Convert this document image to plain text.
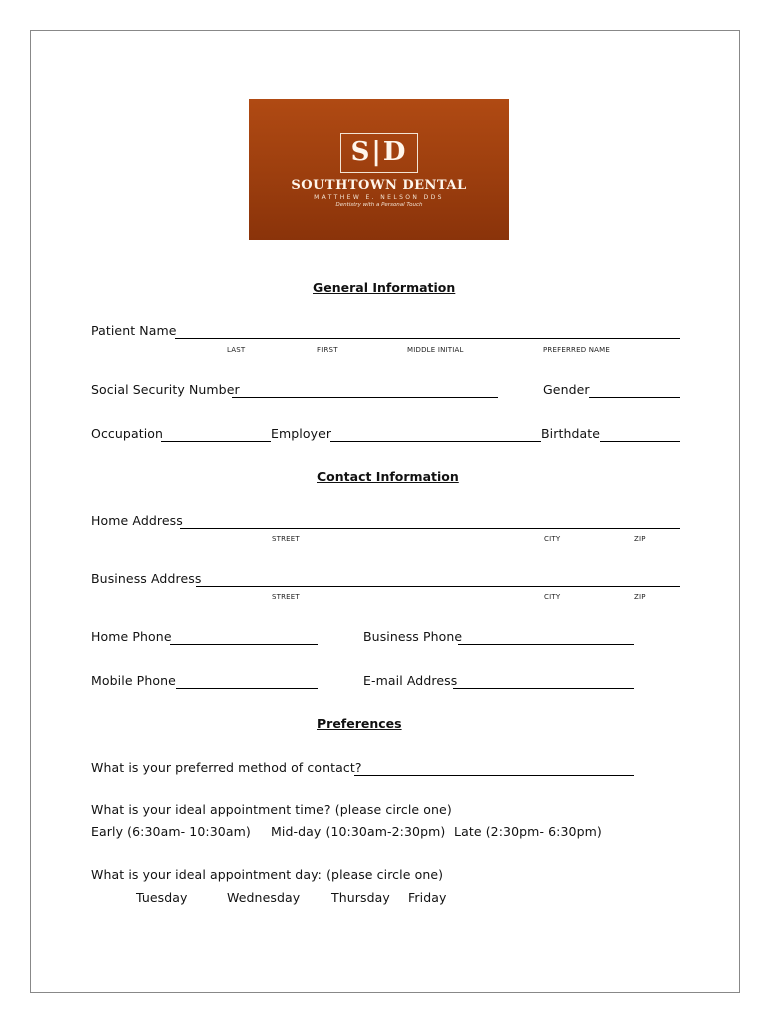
S|D
SOUTHTOWN DENTAL
MATTHEW E. NELSON DDS
Dentistry with a Personal Touch
General Information
Patient Name
LAST	FIRST	MIDDLE INITIAL	PREFERRED NAME
Social Security Number	Gender
Occupation	Employer	Birthdate
Contact Information
Home Address
STREET	CITY	ZIP
Business Address
STREET	CITY	ZIP
Home Phone	Business Phone
Mobile Phone	E-mail Address
Preferences
What is your preferred method of contact?
What is your ideal appointment time? (please circle one)
Early (6:30am- 10:30am) Mid-day (10:30am-2:30pm) Late (2:30pm- 6:30pm)
What is your ideal appointment day: (please circle one)
Tuesday	Wednesday Thursday Friday
